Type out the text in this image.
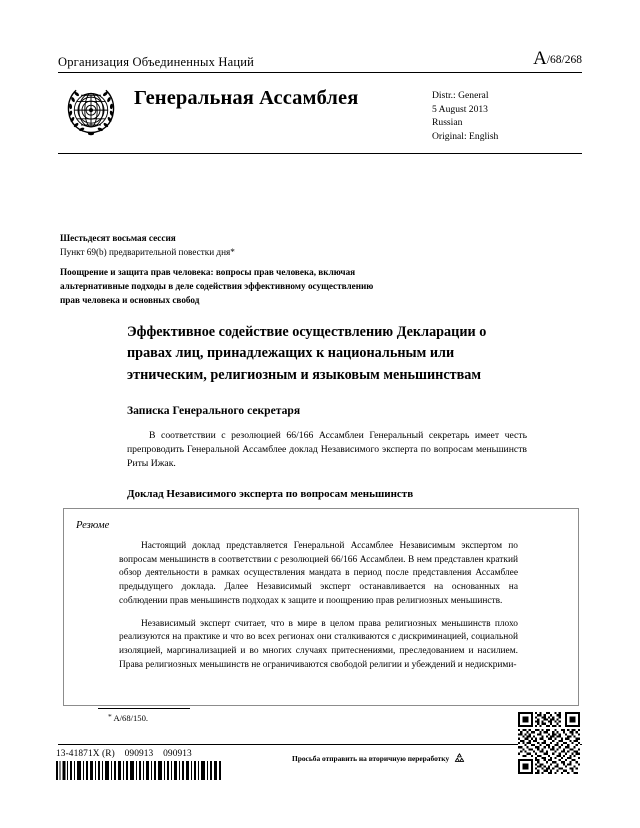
Организация Объединенных Наций	A/68/268
Генеральная Ассамблея	Distr.: General
5 August 2013
Russian
Original: English
Шестьдесят восьмая сессия
Пункт 69(b) предварительной повестки дня*
Поощрение и защита прав человека: вопросы прав человека, включая альтернативные подходы в деле содействия эффективному осуществлению прав человека и основных свобод
Эффективное содействие осуществлению Декларации о правах лиц, принадлежащих к национальным или этническим, религиозным и языковым меньшинствам
Записка Генерального секретаря
В соответствии с резолюцией 66/166 Ассамблеи Генеральный секретарь имеет честь препроводить Генеральной Ассамблее доклад Независимого эксперта по вопросам меньшинств Риты Ижак.
Доклад Независимого эксперта по вопросам меньшинств
Резюме
Настоящий доклад представляется Генеральной Ассамблее Независимым экспертом по вопросам меньшинств в соответствии с резолюцией 66/166 Ассамблеи. В нем представлен краткий обзор деятельности в рамках осуществления мандата в период после представления Ассамблее предыдущего доклада. Далее Независимый эксперт останавливается на основанных на соблюдении прав меньшинств подходах к защите и поощрению прав религиозных меньшинств.
Независимый эксперт считает, что в мире в целом права религиозных меньшинств плохо реализуются на практике и что во всех регионах они сталкиваются с дискриминацией, социальной изоляцией, маргинализацией и во многих случаях притеснениями, преследованием и насилием. Права религиозных меньшинств не ограничиваются свободой религии и убеждений и недискрими-
* A/68/150.
13-41871X (R)    090913    090913	Просьба отправить на вторичную переработку
